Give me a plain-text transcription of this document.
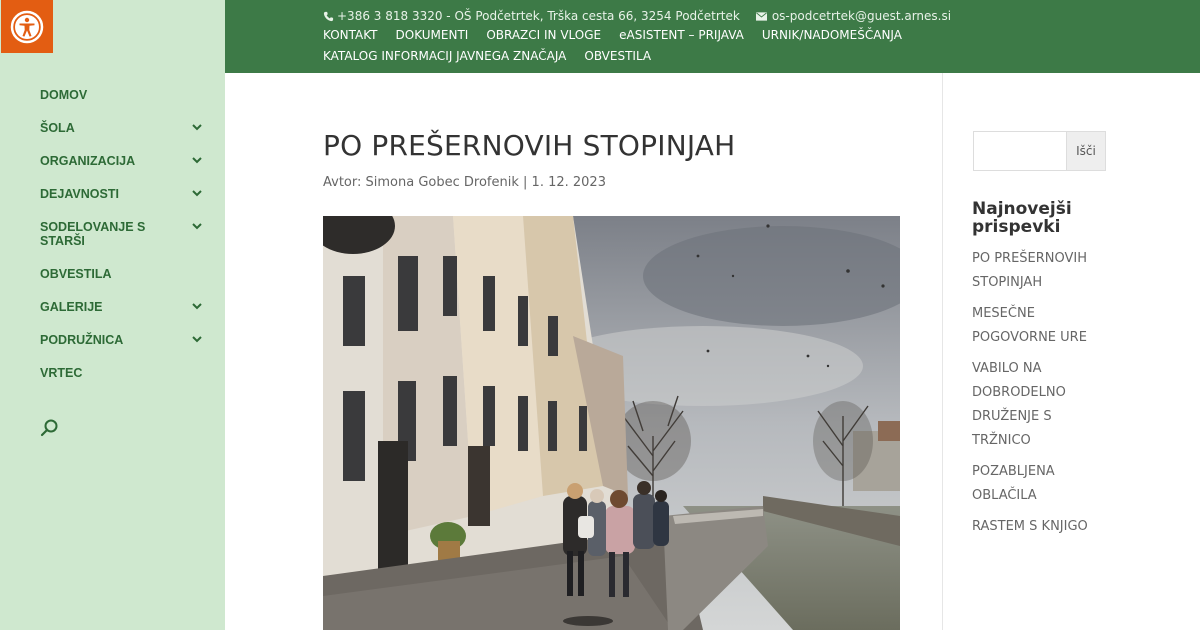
DOMOV
ŠOLA
ORGANIZACIJA
DEJAVNOSTI
SODELOVANJE S STARŠI
OBVESTILA
GALERIJE
PODRUŽNICA
VRTEC
+386 3 818 3320 - OŠ Podčetrtek, Trška cesta 66, 3254 Podčetrtek	os-podcetrtek@guest.arnes.si
KONTAKT DOKUMENTI OBRAZCI IN VLOGE eASISTENT – PRIJAVA URNIK/NADOMEŠČANJA
KATALOG INFORMACIJ JAVNEGA ZNAČAJA OBVESTILA
PO PREŠERNOVIH STOPINJAH

Avtor: Simona Gobec Drofenik | 1. 12. 2023

Išči
Najnovejši prispevki
PO PREŠERNOVIH STOPINJAH
MESEČNE POGOVORNE URE
VABILO NA DOBRODELNO DRUŽENJE S TRŽNICO
POZABLJENA OBLAČILA
RASTEM S KNJIGO
